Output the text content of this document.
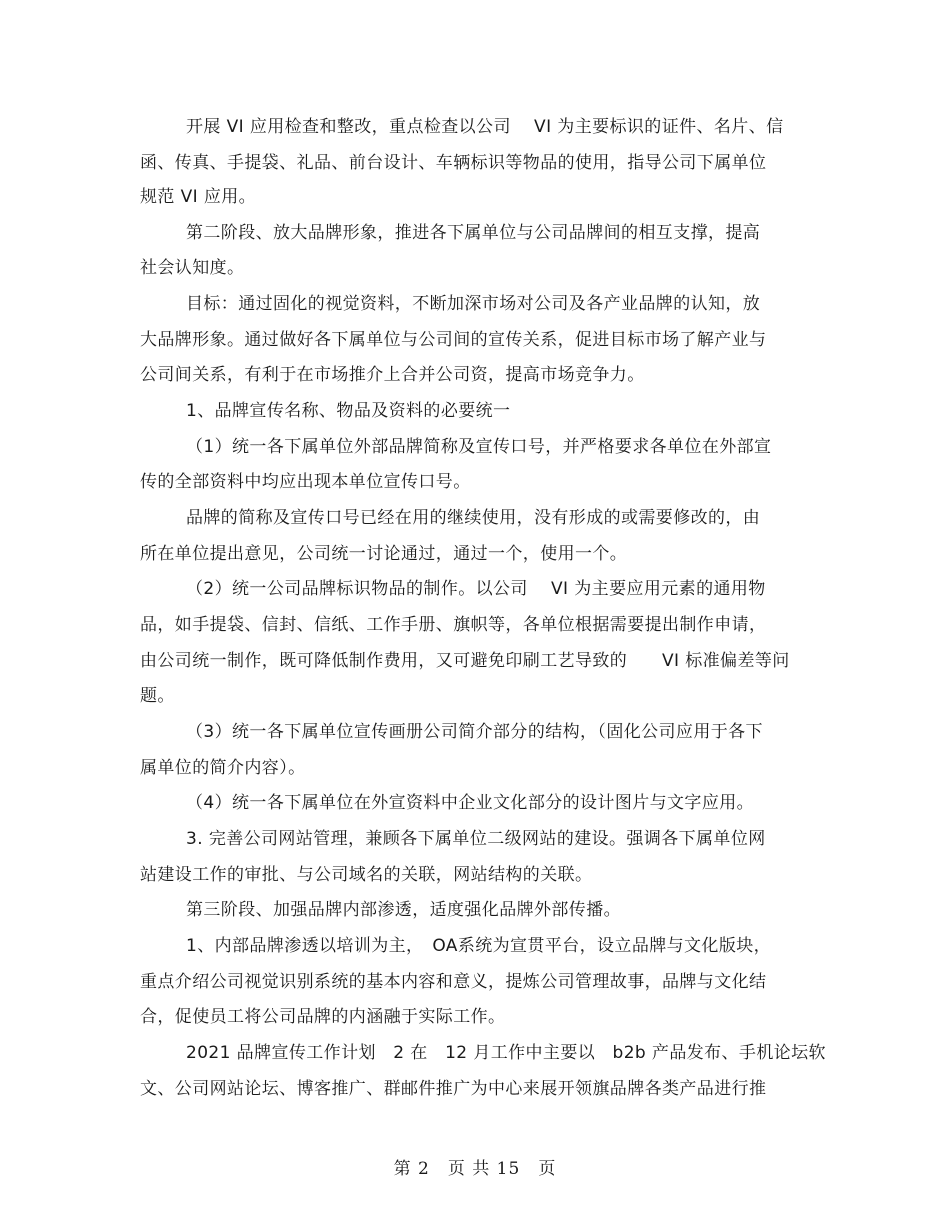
开展 VI 应用检查和整改，重点检查以公司　 VI 为主要标识的证件、名片、信
函、传真、手提袋、礼品、前台设计、车辆标识等物品的使用，指导公司下属单位
规范 VI 应用。
第二阶段、放大品牌形象，推进各下属单位与公司品牌间的相互支撑，提高
社会认知度。
目标：通过固化的视觉资料，不断加深市场对公司及各产业品牌的认知，放
大品牌形象。通过做好各下属单位与公司间的宣传关系，促进目标市场了解产业与
公司间关系，有利于在市场推介上合并公司资，提高市场竞争力。
1、品牌宣传名称、物品及资料的必要统一
（1）统一各下属单位外部品牌简称及宣传口号，并严格要求各单位在外部宣
传的全部资料中均应出现本单位宣传口号。
品牌的简称及宣传口号已经在用的继续使用，没有形成的或需要修改的，由
所在单位提出意见，公司统一讨论通过，通过一个，使用一个。
（2）统一公司品牌标识物品的制作。以公司　 VI 为主要应用元素的通用物
品，如手提袋、信封、信纸、工作手册、旗帜等，各单位根据需要提出制作申请，
由公司统一制作，既可降低制作费用，又可避免印刷工艺导致的　　VI 标准偏差等问
题。
（3）统一各下属单位宣传画册公司简介部分的结构，（固化公司应用于各下
属单位的简介内容）。
（4）统一各下属单位在外宣资料中企业文化部分的设计图片与文字应用。
3. 完善公司网站管理，兼顾各下属单位二级网站的建设。强调各下属单位网
站建设工作的审批、与公司域名的关联，网站结构的关联。
第三阶段、加强品牌内部渗透，适度强化品牌外部传播。
1、内部品牌渗透以培训为主，　OA系统为宣贯平台，设立品牌与文化版块，
重点介绍公司视觉识别系统的基本内容和意义，提炼公司管理故事，品牌与文化结
合，促使员工将公司品牌的内涵融于实际工作。
2021 品牌宣传工作计划　2 在　12 月工作中主要以　b2b 产品发布、手机论坛软
文、公司网站论坛、博客推广、群邮件推广为中心来展开领旗品牌各类产品进行推
第 2　页 共 15　页
